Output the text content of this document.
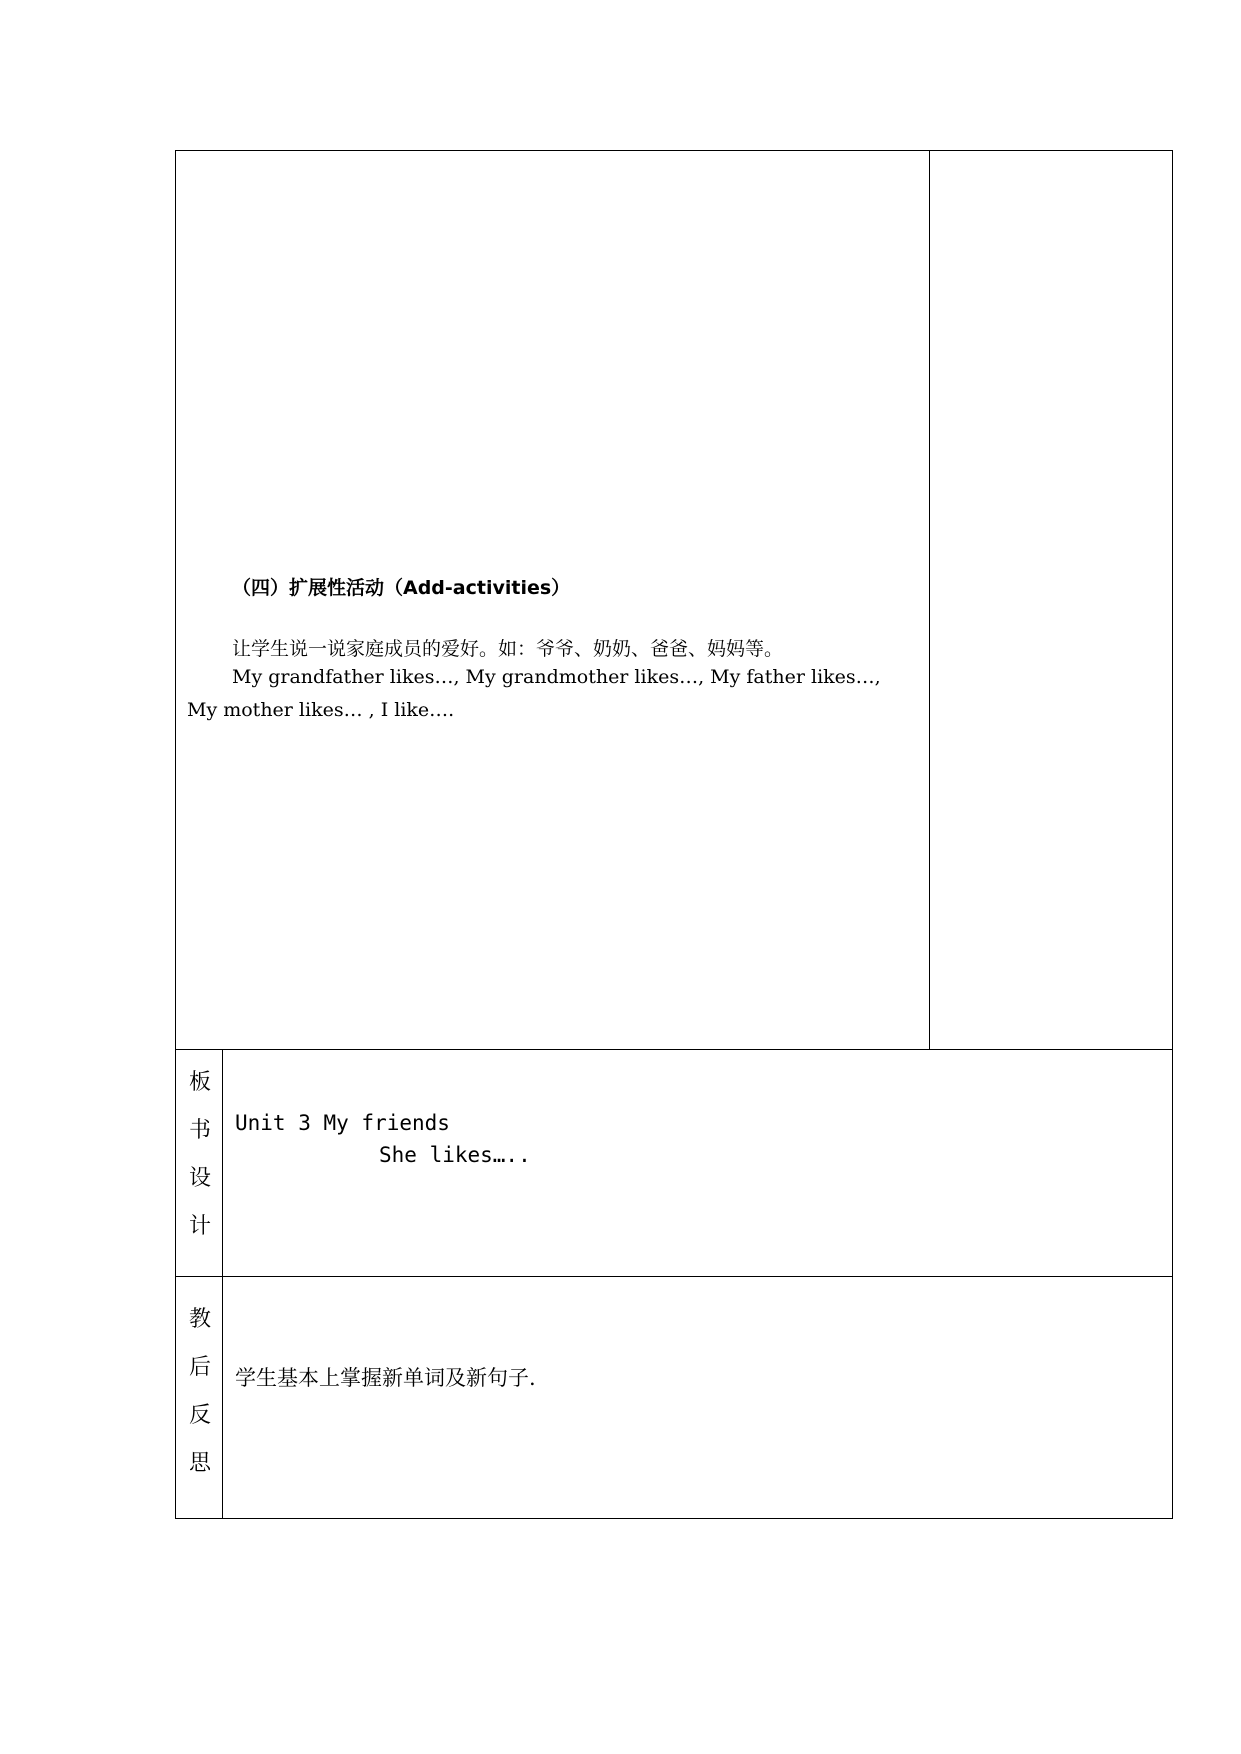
（四）扩展性活动（Add-activities）
让学生说一说家庭成员的爱好。如：爷爷、奶奶、爸爸、妈妈等。
My grandfather likes…, My grandmother likes…, My father likes…,
My mother likes… , I like….
板
书
设
计
Unit 3 My friends
She likes…..
教
后
反
思
学生基本上掌握新单词及新句子.
